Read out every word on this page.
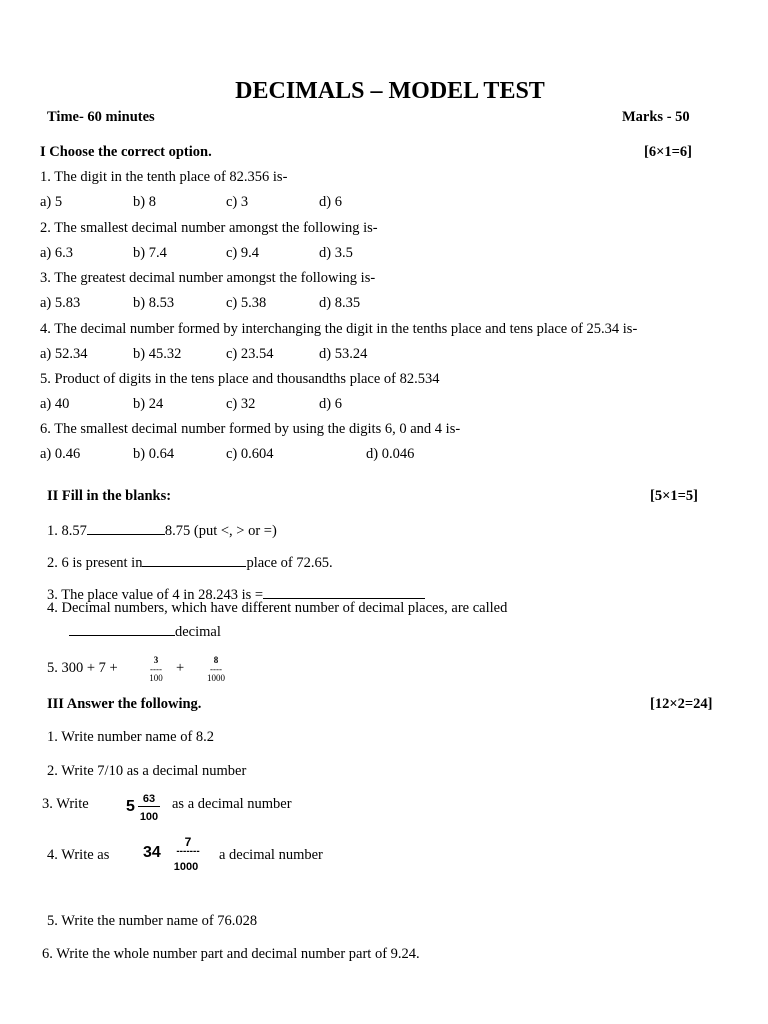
DECIMALS – MODEL TEST
Time- 60 minutes	Marks - 50
I Choose the correct option.	[6×1=6]
1. The digit in the tenth place of 82.356 is-
a) 5	b) 8	c) 3	d) 6
2. The smallest decimal number amongst the following is-
a) 6.3	b) 7.4	c) 9.4	d) 3.5
3. The greatest decimal number amongst the following is-
a) 5.83	b) 8.53	c) 5.38	d) 8.35
4. The decimal number formed by interchanging the digit in the tenths place and tens place of 25.34 is-
a) 52.34	b) 45.32	c) 23.54	d) 53.24
5. Product of digits in the tens place and thousandths place of 82.534
a) 40	b) 24	c) 32	d) 6
6. The smallest decimal number formed by using the digits 6, 0 and 4 is-
a) 0.46	b) 0.64	c) 0.604	d) 0.046
II Fill in the blanks:	[5×1=5]
1. 8.57	8.75 (put <, > or =)
2. 6 is present in	place of 72.65.
3. The place value of 4 in 28.243 is =
4. Decimal numbers, which have different number of decimal places, are called
decimal
5. 300 + 7 +	3
----
100
+	8
----
1000
III Answer the following.	[12×2=24]
1. Write number name of 8.2
2. Write 7/10 as a decimal number
3. Write 5 63
100
as a decimal number
4. Write as 34
7
-------
1000
a decimal number
5. Write the number name of 76.028
6. Write the whole number part and decimal number part of 9.24.
